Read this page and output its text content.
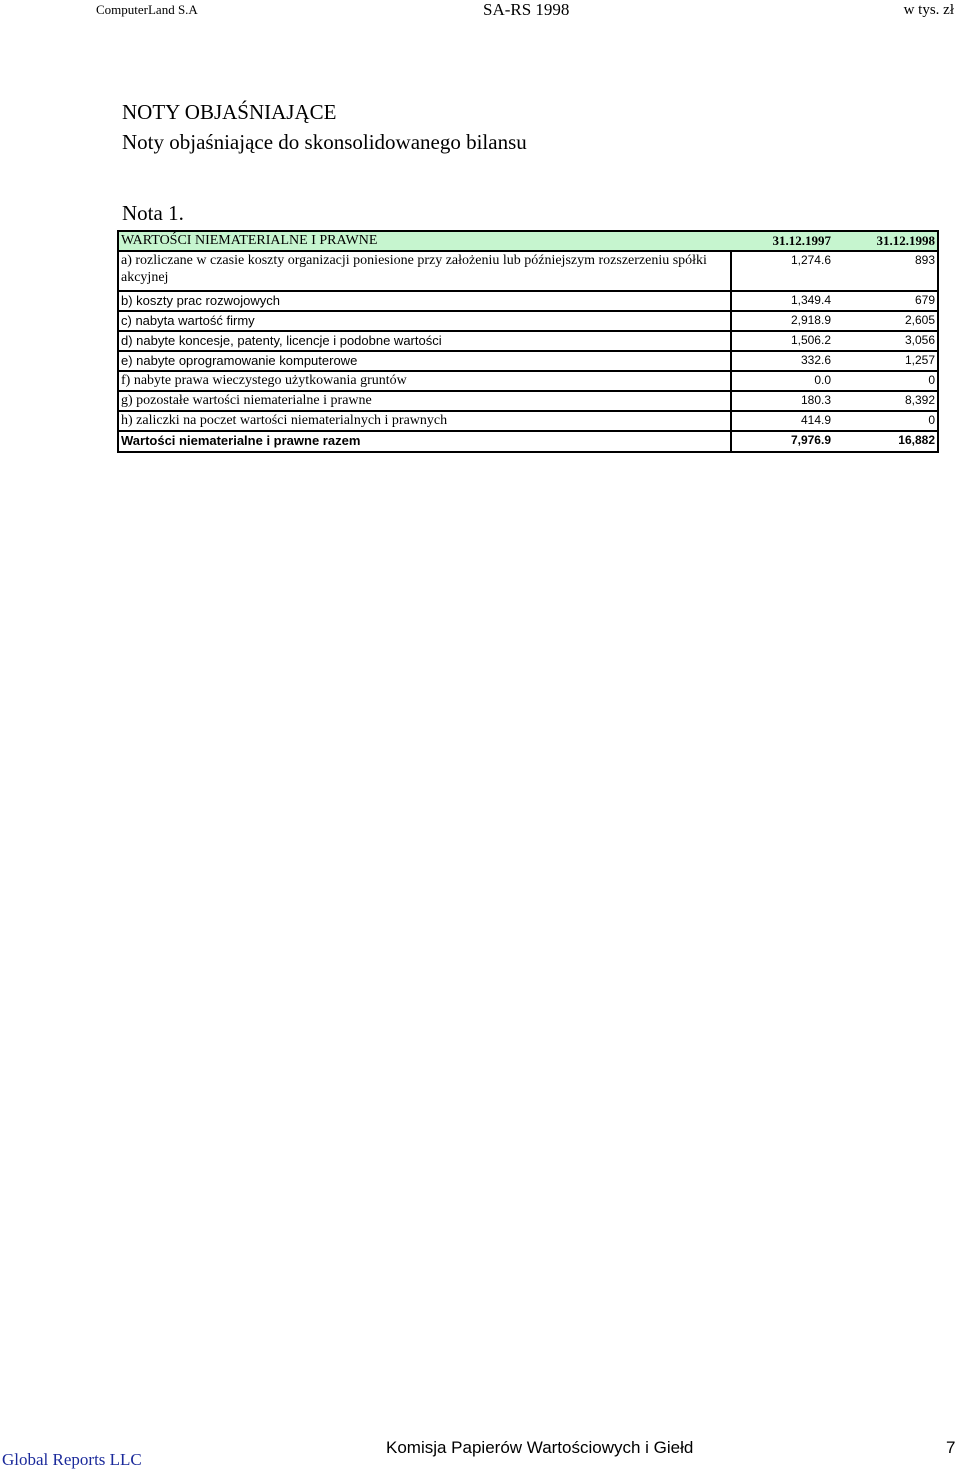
ComputerLand S.A	SA-RS 1998	w tys. zł
NOTY OBJAŚNIAJĄCE
Noty objaśniające do skonsolidowanego bilansu
Nota 1.
WARTOŚCI NIEMATERIALNE I PRAWNE	31.12.1997	31.12.1998
a) rozliczane w czasie koszty organizacji poniesione przy założeniu lub późniejszym rozszerzeniu spółki akcyjnej	1,274.6	893
b) koszty prac rozwojowych	1,349.4	679
c) nabyta wartość firmy	2,918.9	2,605
d) nabyte koncesje, patenty, licencje i podobne wartości	1,506.2	3,056
e) nabyte oprogramowanie komputerowe	332.6	1,257
f) nabyte prawa wieczystego użytkowania gruntów	0.0	0
g) pozostałe wartości niematerialne i prawne	180.3	8,392
h) zaliczki na poczet wartości niematerialnych i prawnych	414.9	0
Wartości niematerialne i prawne razem	7,976.9	16,882
Global Reports LLC
Komisja Papierów Wartościowych i Giełd	7
